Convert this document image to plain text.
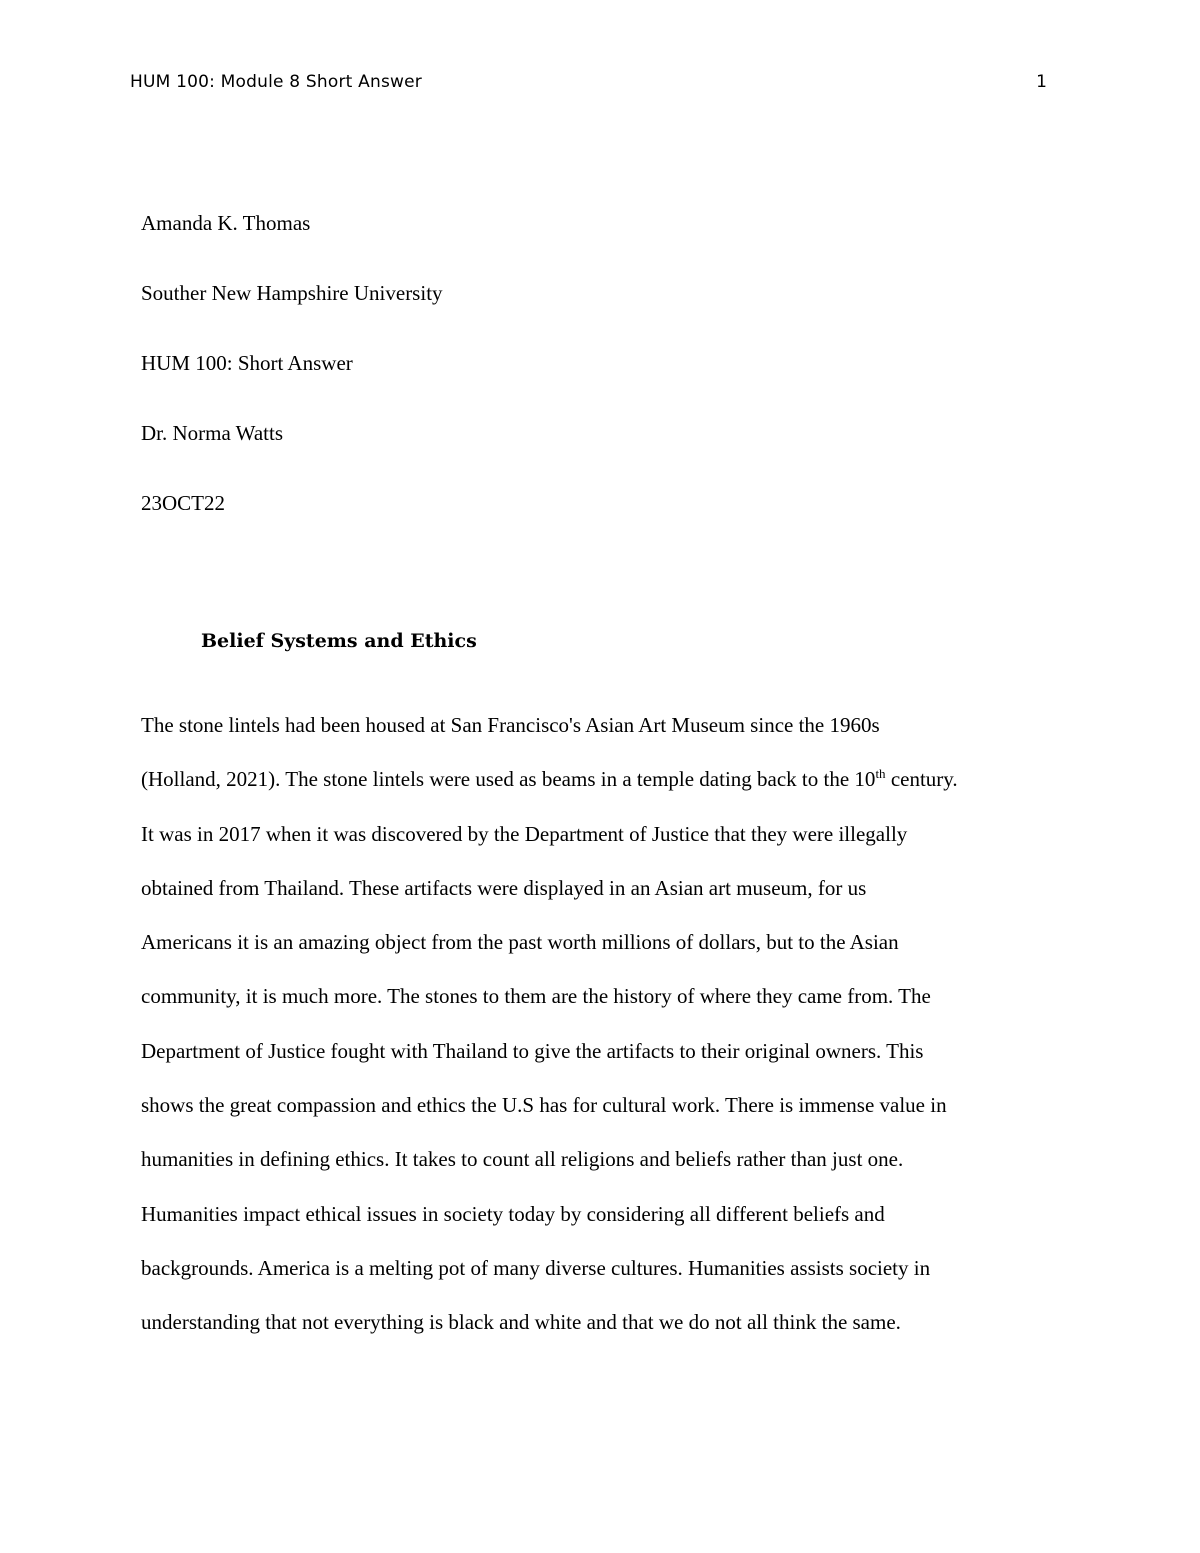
HUM 100: Module 8 Short Answer	1
Amanda K. Thomas
Souther New Hampshire University
HUM 100: Short Answer
Dr. Norma Watts
23OCT22
Belief Systems and Ethics
The stone lintels had been housed at San Francisco's Asian Art Museum since the 1960s
(Holland, 2021). The stone lintels were used as beams in a temple dating back to the 10th century.
It was in 2017 when it was discovered by the Department of Justice that they were illegally
obtained from Thailand. These artifacts were displayed in an Asian art museum, for us
Americans it is an amazing object from the past worth millions of dollars, but to the Asian
community, it is much more. The stones to them are the history of where they came from. The
Department of Justice fought with Thailand to give the artifacts to their original owners. This
shows the great compassion and ethics the U.S has for cultural work. There is immense value in
humanities in defining ethics. It takes to count all religions and beliefs rather than just one.
Humanities impact ethical issues in society today by considering all different beliefs and
backgrounds. America is a melting pot of many diverse cultures. Humanities assists society in
understanding that not everything is black and white and that we do not all think the same.
